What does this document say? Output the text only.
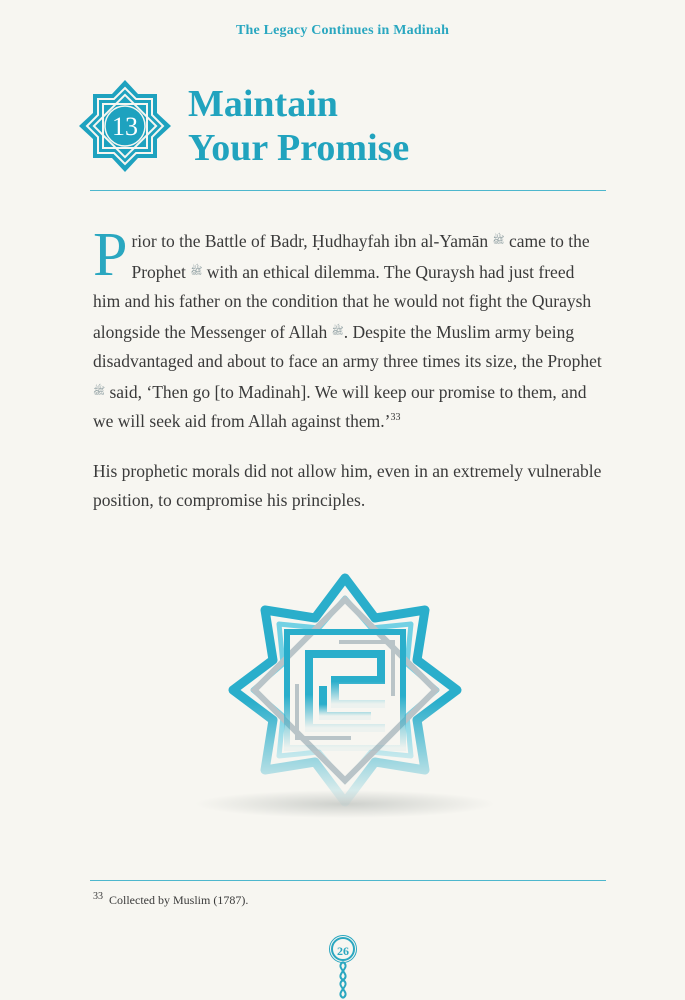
The Legacy Continues in Madinah
13
Maintain
Your Promise

Prior to the Battle of Badr, Ḥudhayfah ibn al-Yamān $^ﷺ$ came to the Prophet $^ﷺ$ with an ethical dilemma. The Quraysh had just freed him and his father on the condition that he would not fight the Quraysh alongside the Messenger of Allah $^ﷺ$. Despite the Muslim army being disadvantaged and about to face an army three times its size, the Prophet $^ﷺ$ said, ‘Then go [to Madinah]. We will keep our promise to them, and we will seek aid from Allah against them.’$^{33}$

His prophetic morals did not allow him, even in an extremely vulnerable position, to compromise his principles.

$^{33}$ Collected by Muslim (1787).
26
